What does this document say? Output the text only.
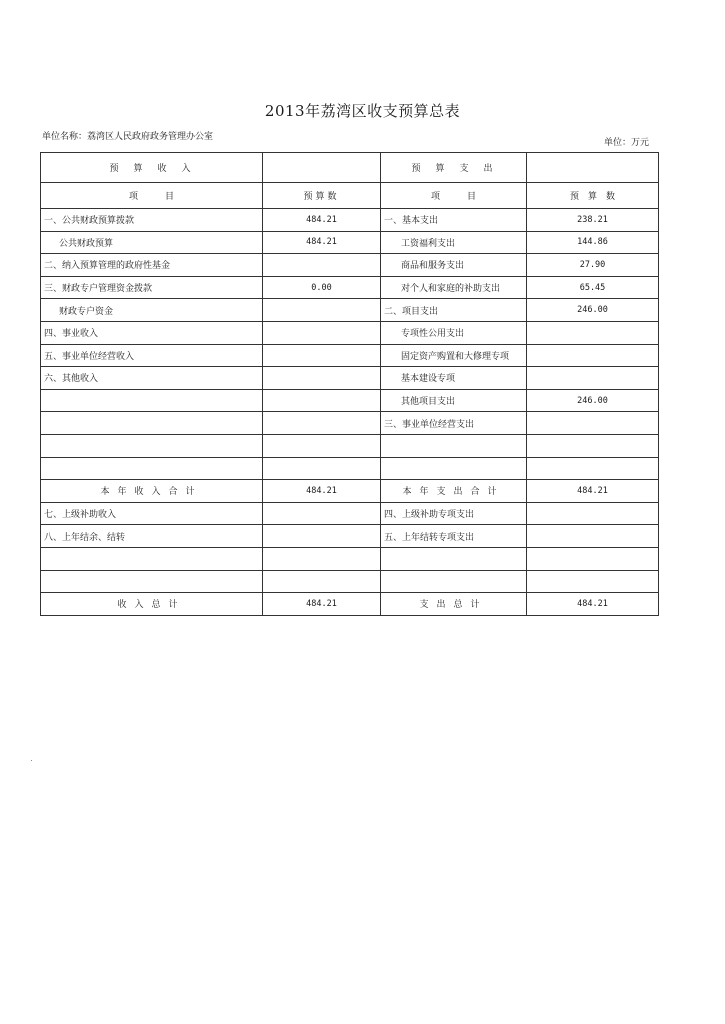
2013年荔湾区收支预算总表
单位名称：荔湾区人民政府政务管理办公室
单位：万元
预　算　收　入		预　算　支　出	
项　　　目	预算数	项　　　目	预　算　数
一、公共财政预算拨款	484.21	一、基本支出	238.21
公共财政预算	484.21	工资福利支出	144.86
二、纳入预算管理的政府性基金		商品和服务支出	27.90
三、财政专户管理资金拨款	0.00	对个人和家庭的补助支出	65.45
财政专户资金		二、项目支出	246.00
四、事业收入		专项性公用支出	
五、事业单位经营收入		固定资产购置和大修理专项	
六、其他收入		基本建设专项	
		其他项目支出	246.00
		三、事业单位经营支出	

本年收入合计	484.21	本年支出合计	484.21
七、上级补助收入		四、上级补助专项支出	
八、上年结余、结转		五、上年结转专项支出	

收入总计	484.21	支出总计	484.21
